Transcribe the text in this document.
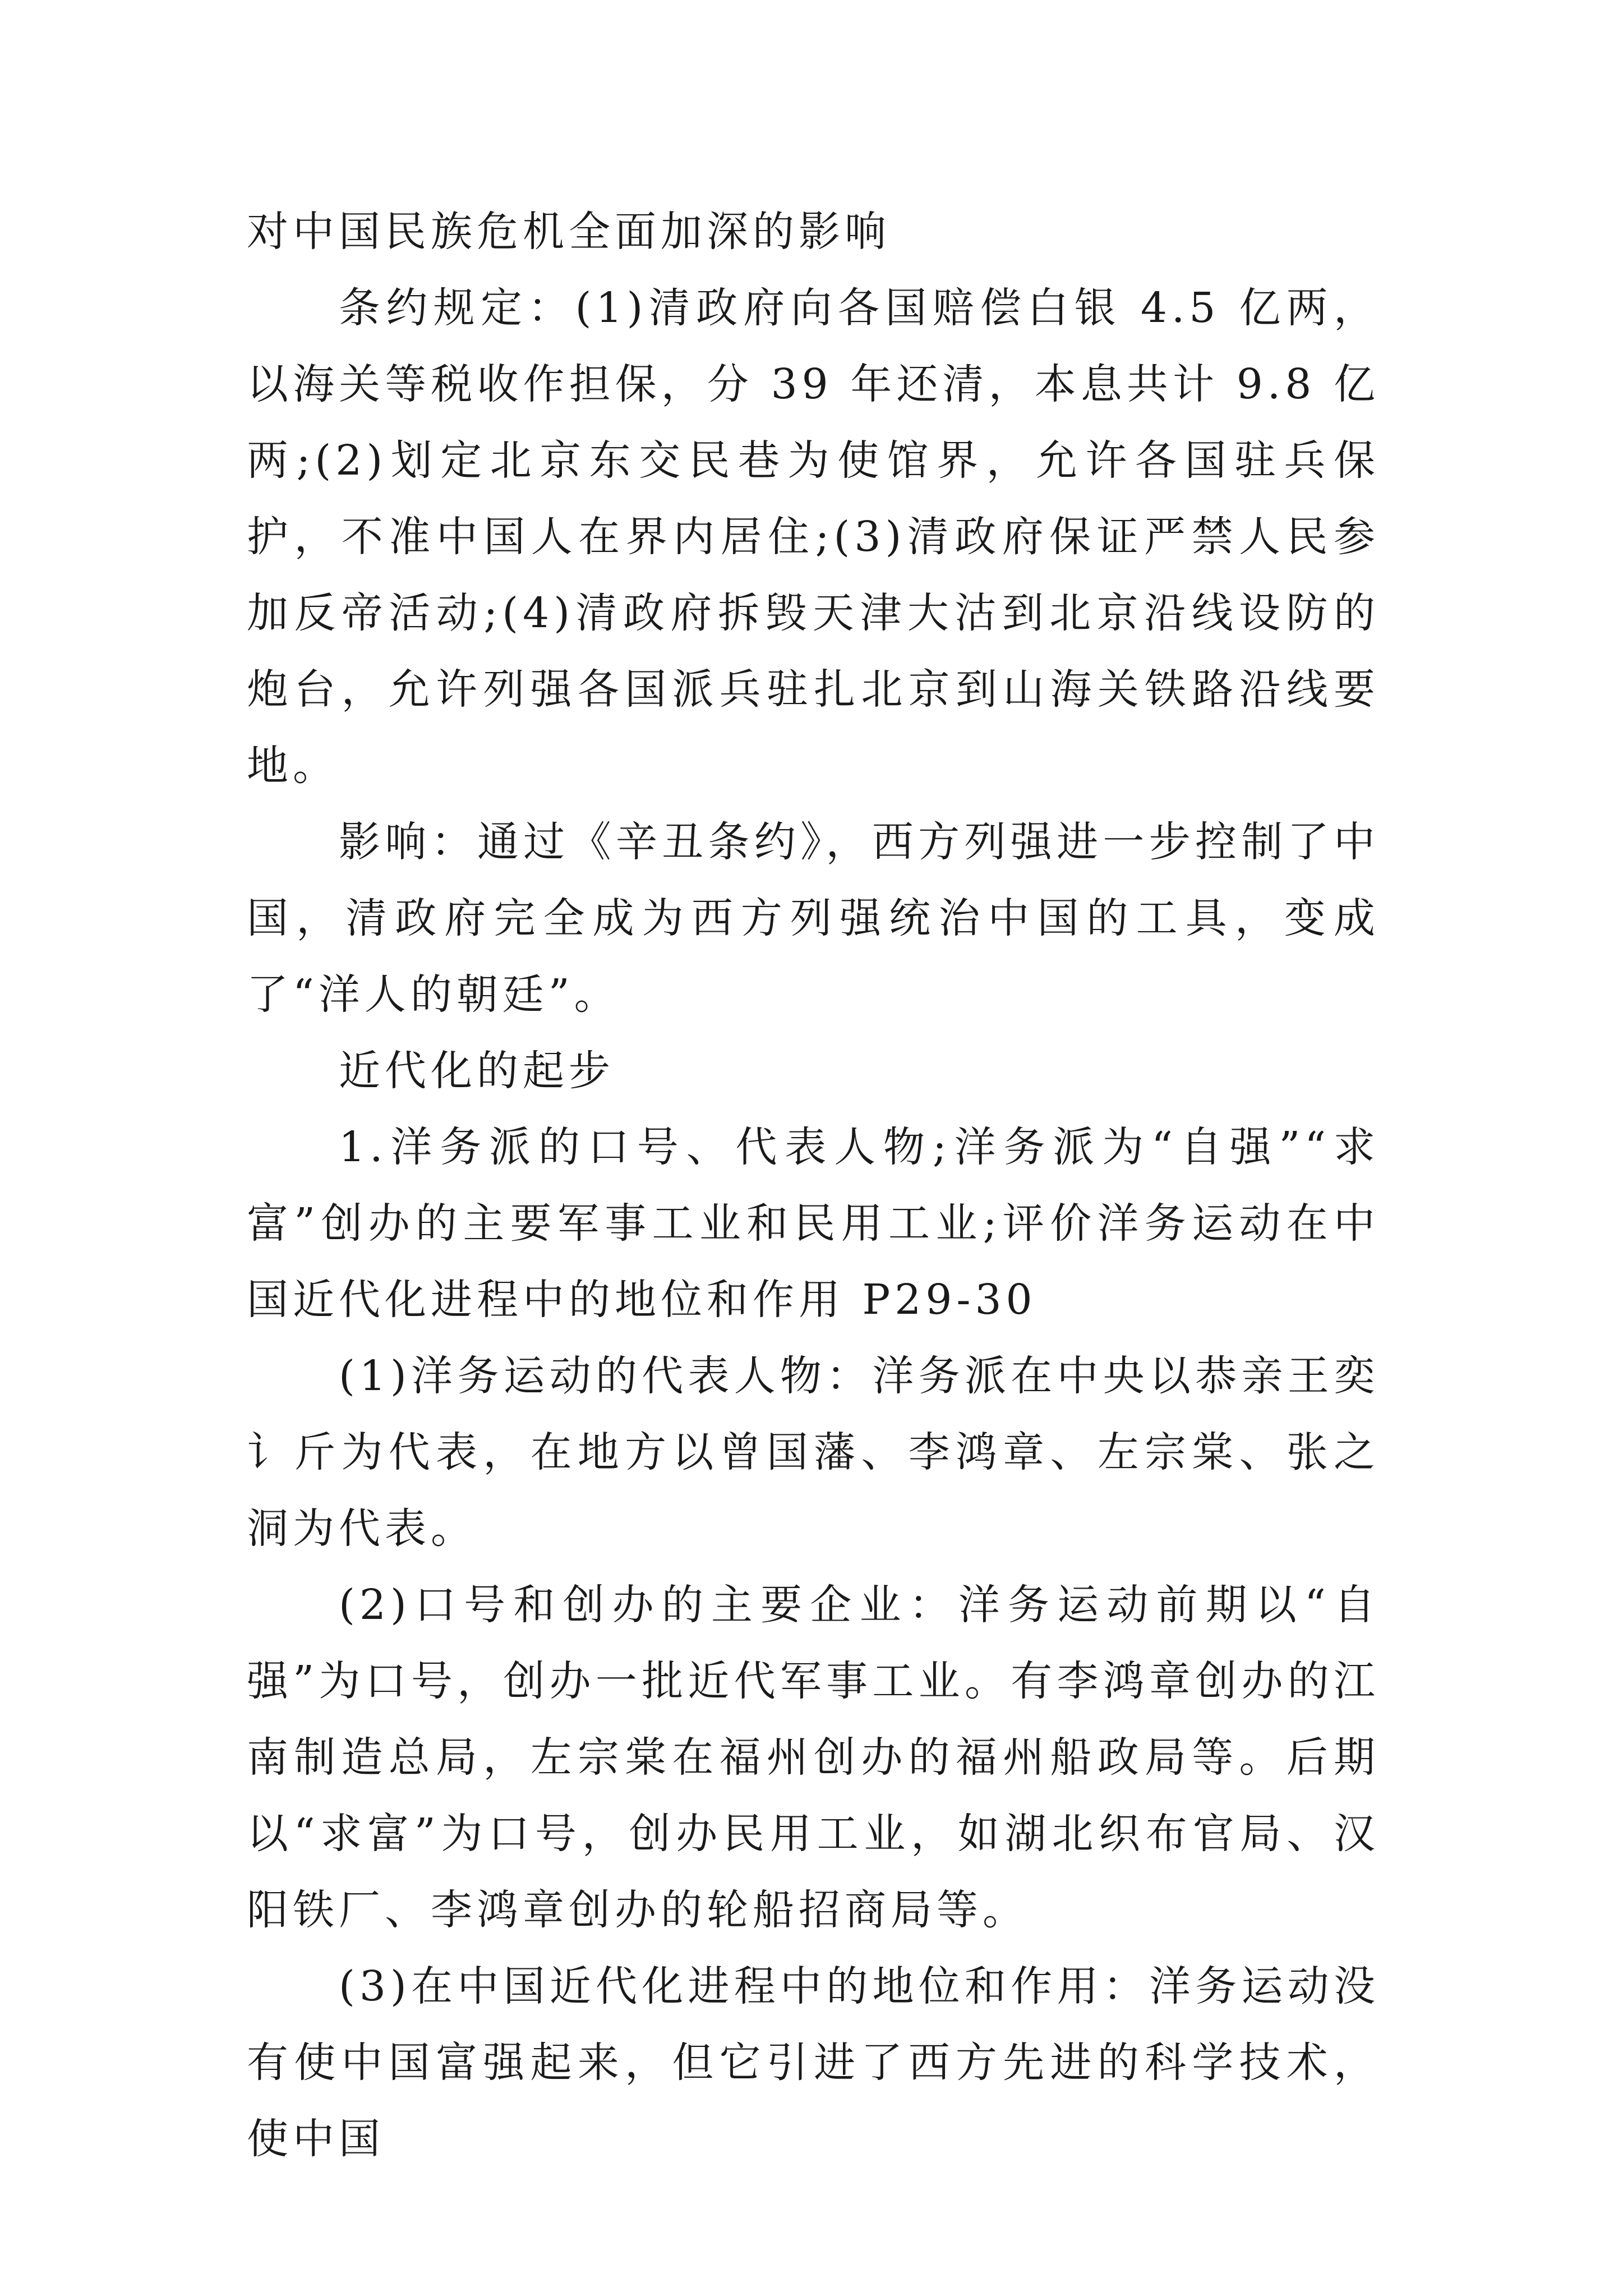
对中国民族危机全面加深的影响

条约规定：(1)清政府向各国赔偿白银 4.5 亿两，以海关等税收作担保，分 39 年还清，本息共计 9.8 亿两;(2)划定北京东交民巷为使馆界，允许各国驻兵保护，不准中国人在界内居住;(3)清政府保证严禁人民参加反帝活动;(4)清政府拆毁天津大沽到北京沿线设防的炮台，允许列强各国派兵驻扎北京到山海关铁路沿线要地。

影响：通过《辛丑条约》，西方列强进一步控制了中国，清政府完全成为西方列强统治中国的工具，变成了“洋人的朝廷”。

近代化的起步

1.洋务派的口号、代表人物;洋务派为“自强”“求富”创办的主要军事工业和民用工业;评价洋务运动在中国近代化进程中的地位和作用 P29-30

(1)洋务运动的代表人物：洋务派在中央以恭亲王奕讠斤为代表，在地方以曾国藩、李鸿章、左宗棠、张之洞为代表。

(2)口号和创办的主要企业：洋务运动前期以“自强”为口号，创办一批近代军事工业。有李鸿章创办的江南制造总局，左宗棠在福州创办的福州船政局等。后期以“求富”为口号，创办民用工业，如湖北织布官局、汉阳铁厂、李鸿章创办的轮船招商局等。

(3)在中国近代化进程中的地位和作用：洋务运动没有使中国富强起来，但它引进了西方先进的科学技术，使中国
